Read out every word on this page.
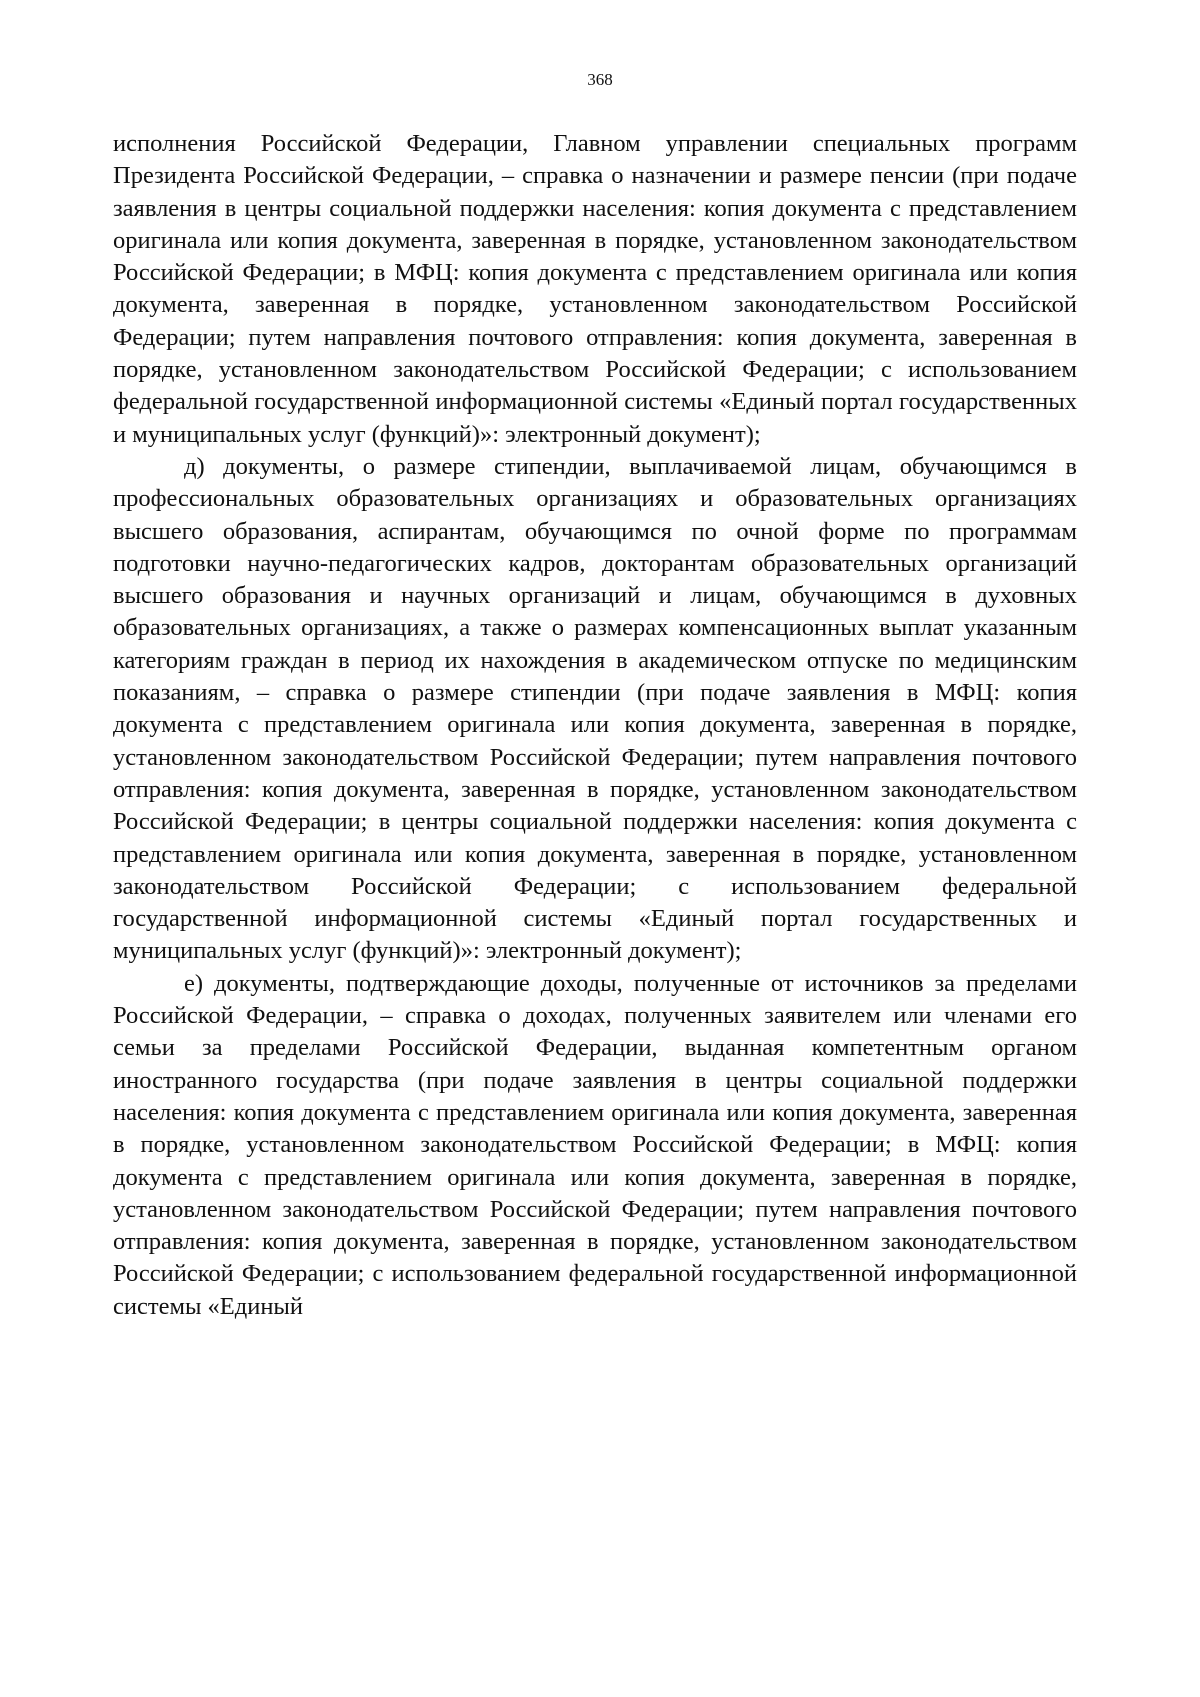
368

исполнения Российской Федерации, Главном управлении специальных программ Президента Российской Федерации, – справка о назначении и размере пенсии (при подаче заявления в центры социальной поддержки населения: копия документа с представлением оригинала или копия документа, заверенная в порядке, установленном законодательством Российской Федерации; в МФЦ: копия документа с представлением оригинала или копия документа, заверенная в порядке, установленном законодательством Российской Федерации; путем направления почтового отправления: копия документа, заверенная в порядке, установленном законодательством Российской Федерации; с использованием федеральной государственной информационной системы «Единый портал государственных и муниципальных услуг (функций)»: электронный документ);

д) документы, о размере стипендии, выплачиваемой лицам, обучающимся в профессиональных образовательных организациях и образовательных организациях высшего образования, аспирантам, обучающимся по очной форме по программам подготовки научно-педагогических кадров, докторантам образовательных организаций высшего образования и научных организаций и лицам, обучающимся в духовных образовательных организациях, а также о размерах компенсационных выплат указанным категориям граждан в период их нахождения в академическом отпуске по медицинским показаниям, – справка о размере стипендии (при подаче заявления в МФЦ: копия документа с представлением оригинала или копия документа, заверенная в порядке, установленном законодательством Российской Федерации; путем направления почтового отправления: копия документа, заверенная в порядке, установленном законодательством Российской Федерации; в центры социальной поддержки населения: копия документа с представлением оригинала или копия документа, заверенная в порядке, установленном законодательством Российской Федерации; с использованием федеральной государственной информационной системы «Единый портал государственных и муниципальных услуг (функций)»: электронный документ);

е) документы, подтверждающие доходы, полученные от источников за пределами Российской Федерации, – справка о доходах, полученных заявителем или членами его семьи за пределами Российской Федерации, выданная компетентным органом иностранного государства (при подаче заявления в центры социальной поддержки населения: копия документа с представлением оригинала или копия документа, заверенная в порядке, установленном законодательством Российской Федерации; в МФЦ: копия документа с представлением оригинала или копия документа, заверенная в порядке, установленном законодательством Российской Федерации; путем направления почтового отправления: копия документа, заверенная в порядке, установленном законодательством Российской Федерации; с использованием федеральной государственной информационной системы «Единый
